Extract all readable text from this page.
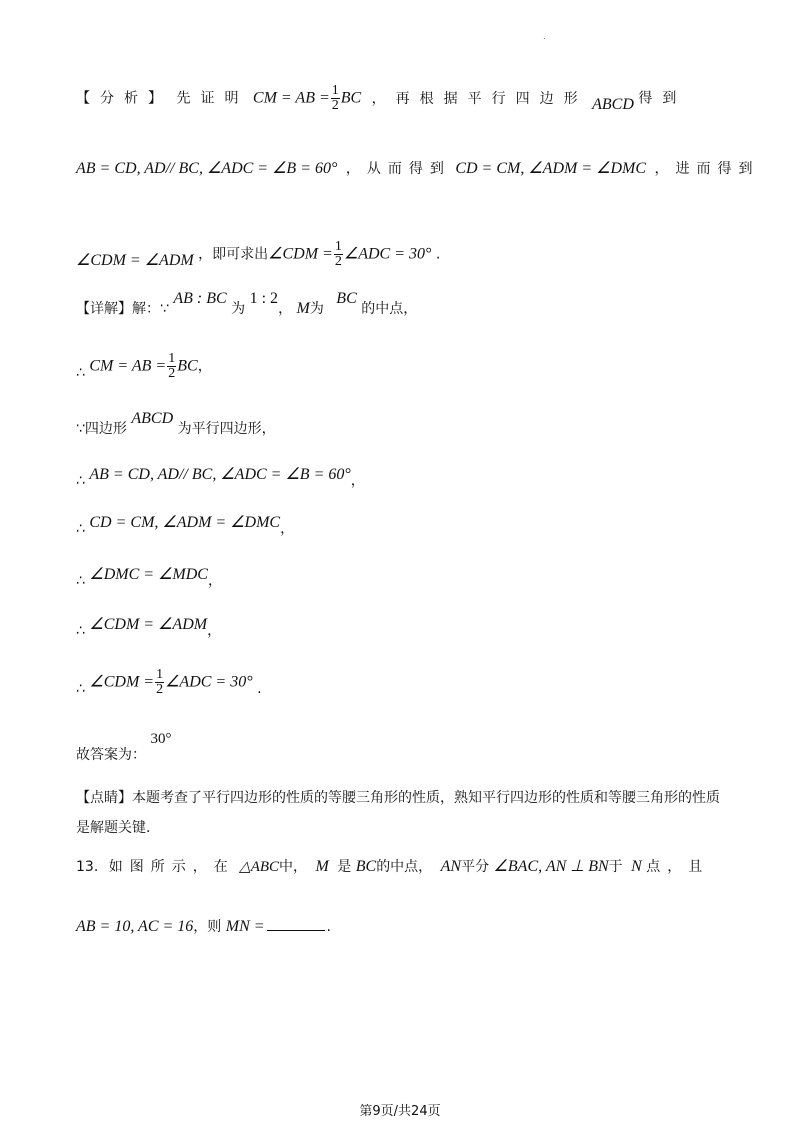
.
【分析】 先证明 CM = AB = $\frac{1}{2}$ BC ，再根据平行四边形 ABCD 得到
AB = CD, AD// BC, ∠ADC = ∠B = 60° ，从而得到 CD = CM, ∠ADM = ∠DMC ，进而得到
∠CDM = ∠ADM ，即可求出∠CDM = $\frac{1}{2}$ ∠ADC = 30° .
【详解】解：∵ AB : BC 为 1 : 2， M为 BC 的中点，
∴ CM = AB = $\frac{1}{2}$ BC，
∵四边形 ABCD 为平行四边形，
∴ AB = CD, AD// BC, ∠ADC = ∠B = 60°，
∴ CD = CM, ∠ADM = ∠DMC，
∴ ∠DMC = ∠MDC，
∴ ∠CDM = ∠ADM，
∴ ∠CDM = $\frac{1}{2}$ ∠ADC = 30° .
故答案为： 30°
【点睛】本题考查了平行四边形的性质的等腰三角形的性质，熟知平行四边形的性质和等腰三角形的性质
是解题关键.
13. 如图所示，在 △ABC中， M 是 BC的中点， AN平分 ∠BAC, AN ⊥ BN于 N 点，且
AB = 10, AC = 16，则 MN =	.
第9页/共24页
